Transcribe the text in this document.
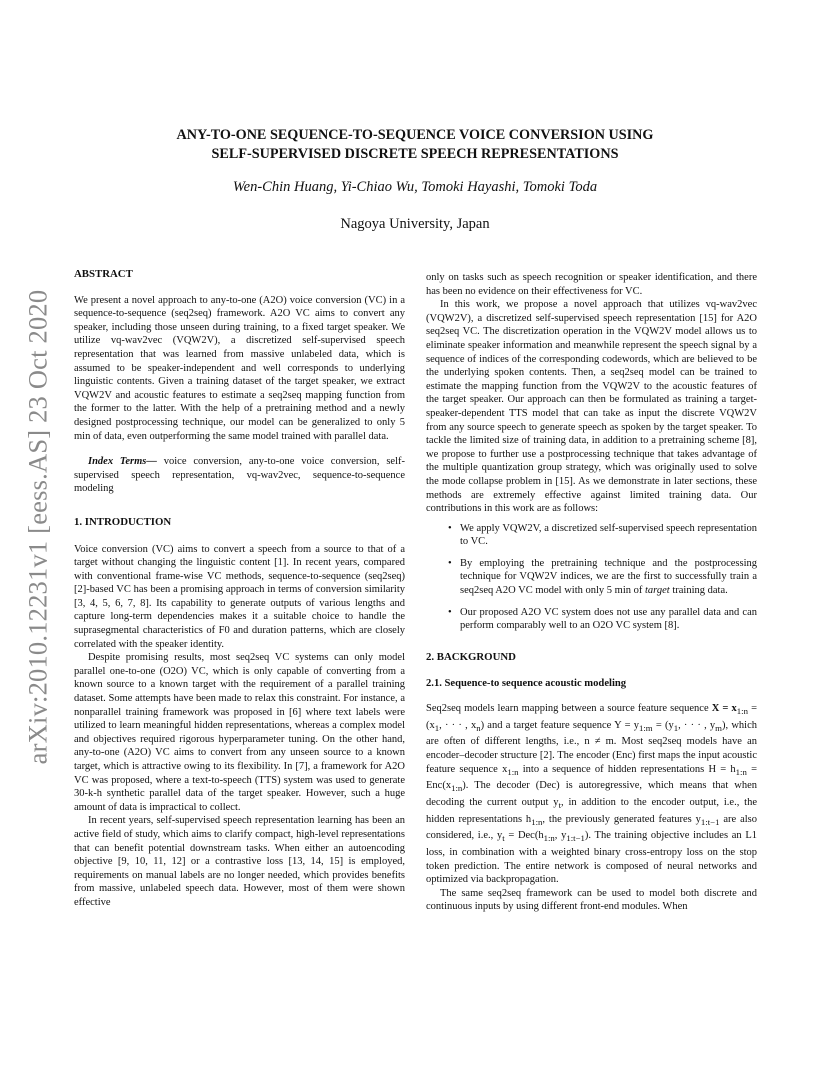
arXiv:2010.12231v1 [eess.AS] 23 Oct 2020
ANY-TO-ONE SEQUENCE-TO-SEQUENCE VOICE CONVERSION USING
SELF-SUPERVISED DISCRETE SPEECH REPRESENTATIONS
Wen-Chin Huang, Yi-Chiao Wu, Tomoki Hayashi, Tomoki Toda
Nagoya University, Japan

ABSTRACT

We present a novel approach to any-to-one (A2O) voice conversion (VC) in a sequence-to-sequence (seq2seq) framework. A2O VC aims to convert any speaker, including those unseen during training, to a fixed target speaker. We utilize vq-wav2vec (VQW2V), a discretized self-supervised speech representation that was learned from massive unlabeled data, which is assumed to be speaker-independent and well corresponds to underlying linguistic contents. Given a training dataset of the target speaker, we extract VQW2V and acoustic features to estimate a seq2seq mapping function from the former to the latter. With the help of a pretraining method and a newly designed postprocessing technique, our model can be generalized to only 5 min of data, even outperforming the same model trained with parallel data.

Index Terms— voice conversion, any-to-one voice conversion, self-supervised speech representation, vq-wav2vec, sequence-to-sequence modeling

1. INTRODUCTION

Voice conversion (VC) aims to convert a speech from a source to that of a target without changing the linguistic content [1]. In recent years, compared with conventional frame-wise VC methods, sequence-to-sequence (seq2seq) [2]-based VC has been a promising approach in terms of conversion similarity [3, 4, 5, 6, 7, 8]. Its capability to generate outputs of various lengths and capture long-term dependencies makes it a suitable choice to handle the suprasegmental characteristics of F0 and duration patterns, which are closely correlated with the speaker identity.

Despite promising results, most seq2seq VC systems can only model parallel one-to-one (O2O) VC, which is only capable of converting from a known source to a known target with the requirement of a parallel training dataset. Some attempts have been made to relax this constraint. For instance, a nonparallel training framework was proposed in [6] where text labels were utilized to learn meaningful hidden representations, whereas a complex model and objectives required rigorous hyperparameter tuning. On the other hand, any-to-one (A2O) VC aims to convert from any unseen source to a known target, which is attractive owing to its flexibility. In [7], a framework for A2O VC was proposed, where a text-to-speech (TTS) system was used to generate 30-k-h synthetic parallel data of the target speaker. However, such a huge amount of data is impractical to collect.

In recent years, self-supervised speech representation learning has been an active field of study, which aims to clarify compact, high-level representations that can benefit potential downstream tasks. When either an autoencoding objective [9, 10, 11, 12] or a contrastive loss [13, 14, 15] is employed, requirements on manual labels are no longer needed, which provides benefits from massive, unlabeled speech data. However, most of them were shown effective

only on tasks such as speech recognition or speaker identification, and there has been no evidence on their effectiveness for VC.

In this work, we propose a novel approach that utilizes vq-wav2vec (VQW2V), a discretized self-supervised speech representation [15] for A2O seq2seq VC. The discretization operation in the VQW2V model allows us to eliminate speaker information and meanwhile represent the speech signal by a sequence of indices of the corresponding codewords, which are believed to be the underlying spoken contents. Then, a seq2seq model can be trained to estimate the mapping function from the VQW2V to the acoustic features of the target speaker. Our approach can then be formulated as training a target-speaker-dependent TTS model that can take as input the discrete VQW2V from any source speech to generate speech as spoken by the target speaker. To tackle the limited size of training data, in addition to a pretraining scheme [8], we propose to further use a postprocessing technique that takes advantage of the multiple quantization group strategy, which was originally used to solve the mode collapse problem in [15]. As we demonstrate in later sections, these methods are extremely effective against limited training data. Our contributions in this work are as follows:

• We apply VQW2V, a discretized self-supervised speech representation to VC.

• By employing the pretraining technique and the postprocessing technique for VQW2V indices, we are the first to successfully train a seq2seq A2O VC model with only 5 min of target training data.

• Our proposed A2O VC system does not use any parallel data and can perform comparably well to an O2O VC system [8].

2. BACKGROUND

2.1. Sequence-to sequence acoustic modeling

Seq2seq models learn mapping between a source feature sequence $X = x_{1:n} = (x_1$, · · · , $x_n$) and a target feature sequence $Y = y_{1:m} = (y_1$, · · · , $y_m$), which are often of different lengths, i.e., n ≠ m. Most seq2seq models have an encoder–decoder structure [2]. The encoder (Enc) first maps the input acoustic feature sequence $x_{1:n}$ into a sequence of hidden representations $H = h_{1:n} = Enc(x_{1:n})$. The decoder (Dec) is autoregressive, which means that when decoding the current output $y_t$, in addition to the encoder output, i.e., the hidden representations $h_{1:n}$, the previously generated features $y_{1:t-1}$ are also considered, i.e., $y_t = Dec(h_{1:n}$, $y_{1:t-1}$). The training objective includes an L1 loss, in combination with a weighted binary cross-entropy loss on the stop token prediction. The entire network is composed of neural networks and optimized via backpropagation.

The same seq2seq framework can be used to model both discrete and continuous inputs by using different front-end modules. When
